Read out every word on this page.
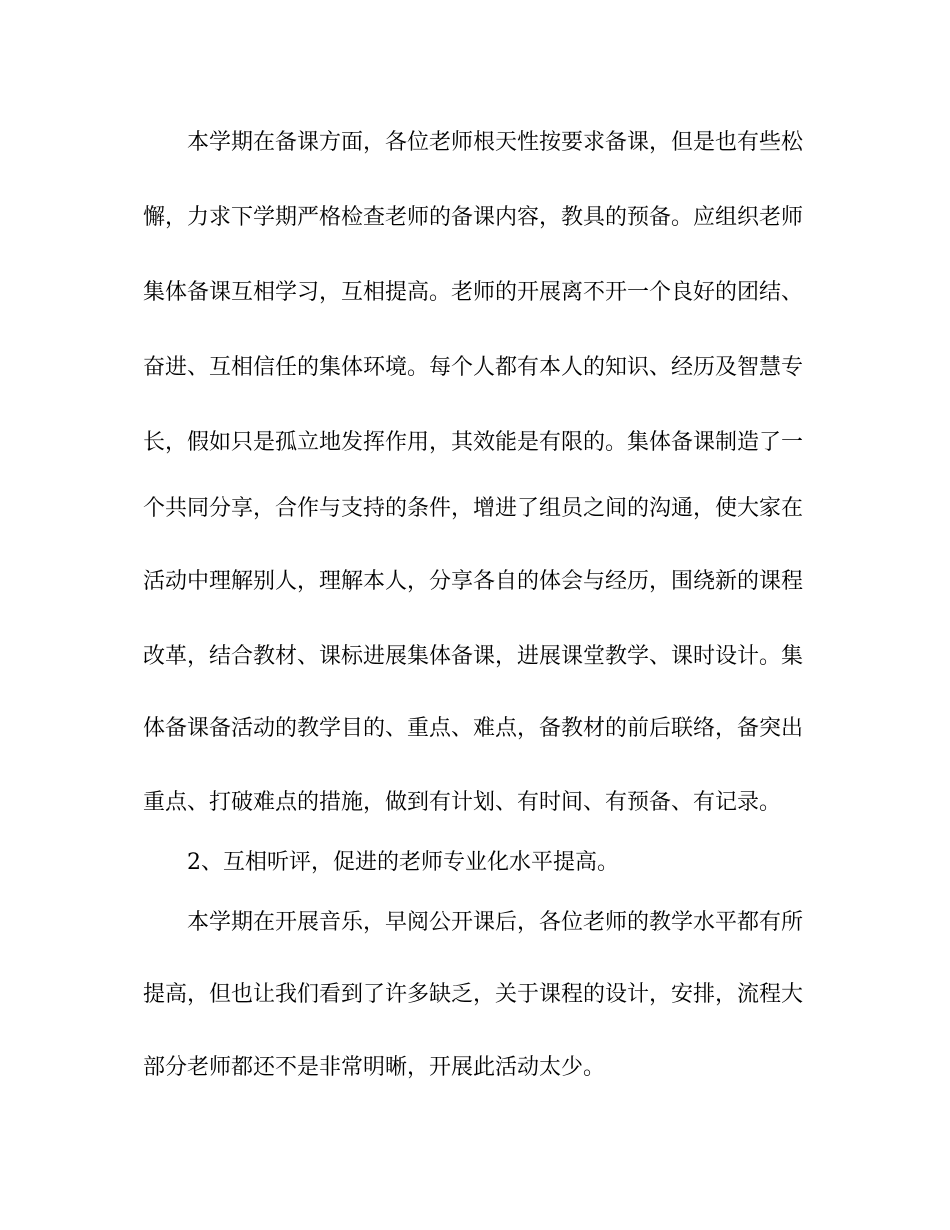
本学期在备课方面，各位老师根天性按要求备课，但是也有些松
懈，力求下学期严格检查老师的备课内容，教具的预备。应组织老师
集体备课互相学习，互相提高。老师的开展离不开一个良好的团结、
奋进、互相信任的集体环境。每个人都有本人的知识、经历及智慧专
长，假如只是孤立地发挥作用，其效能是有限的。集体备课制造了一
个共同分享，合作与支持的条件，增进了组员之间的沟通，使大家在
活动中理解别人，理解本人，分享各自的体会与经历，围绕新的课程
改革，结合教材、课标进展集体备课，进展课堂教学、课时设计。集
体备课备活动的教学目的、重点、难点，备教材的前后联络，备突出
重点、打破难点的措施，做到有计划、有时间、有预备、有记录。
2、互相听评，促进的老师专业化水平提高。
本学期在开展音乐，早阅公开课后，各位老师的教学水平都有所
提高，但也让我们看到了许多缺乏，关于课程的设计，安排，流程大
部分老师都还不是非常明晰，开展此活动太少。
